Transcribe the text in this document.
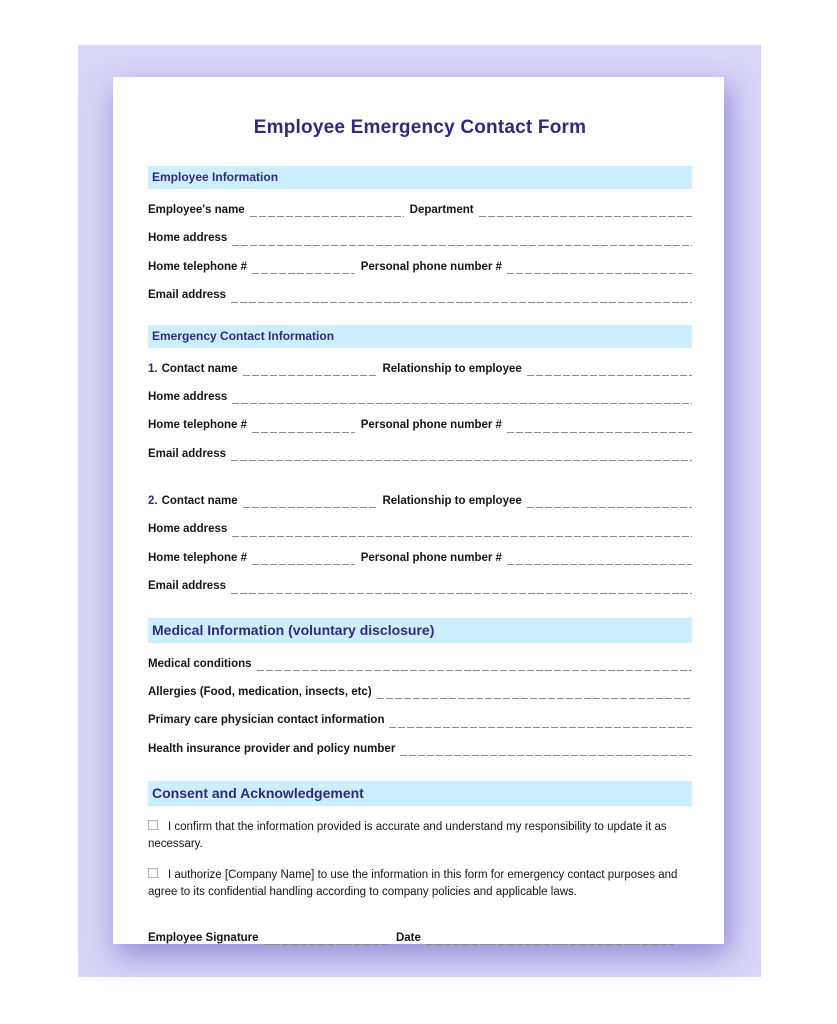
Employee Emergency Contact Form
Employee Information
Employee's name	Department
Home address
Home telephone #	Personal phone number #
Email address
Emergency Contact Information
1. Contact name	Relationship to employee
Home address
Home telephone #	Personal phone number #
Email address
2. Contact name	Relationship to employee
Home address
Home telephone #	Personal phone number #
Email address
Medical Information (voluntary disclosure)
Medical conditions
Allergies (Food, medication, insects, etc)
Primary care physician contact information
Health insurance provider and policy number
Consent and Acknowledgement

I confirm that the information provided is accurate and understand my responsibility to update it as necessary.

I authorize [Company Name] to use the information in this form for emergency contact purposes and agree to its confidential handling according to company policies and applicable laws.

Employee Signature	Date
